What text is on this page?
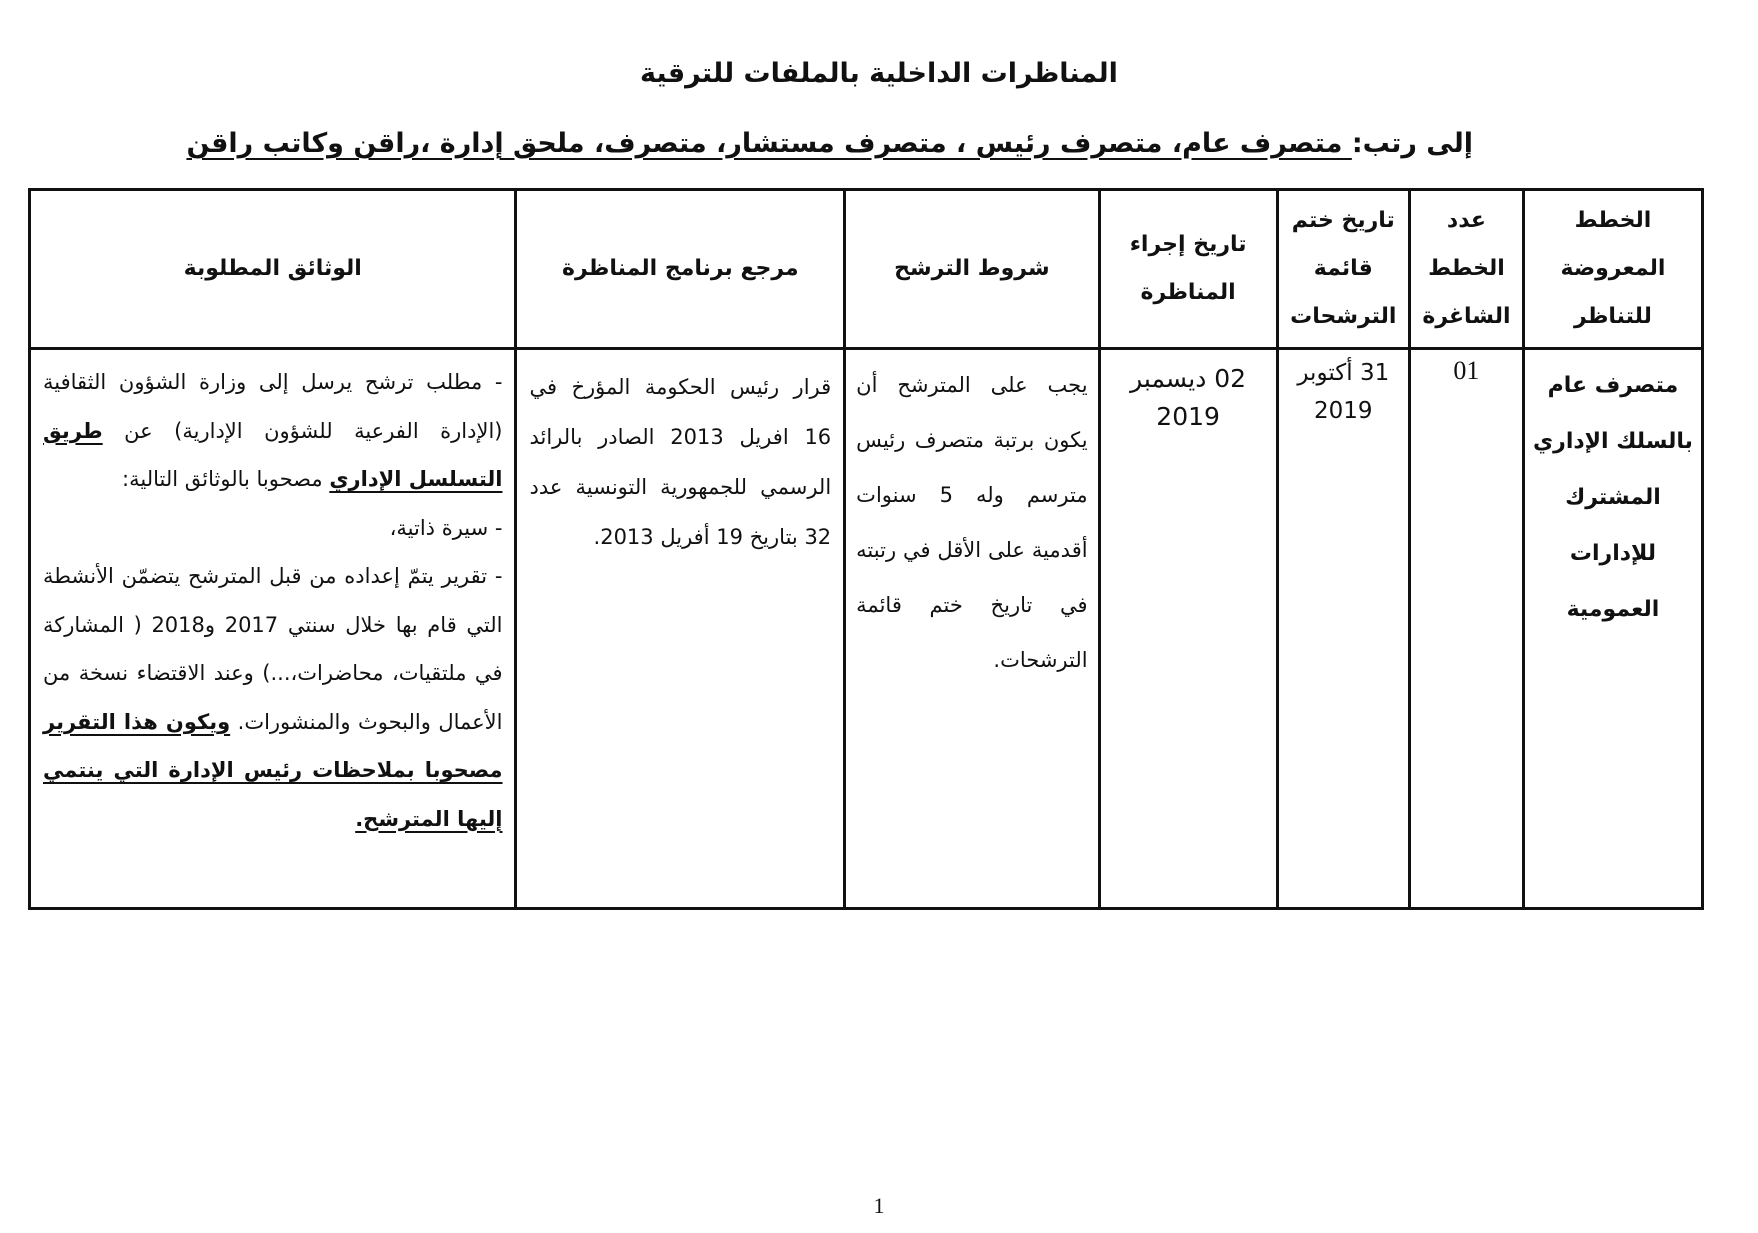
المناظرات الداخلية بالملفات للترقية
إلى رتب: متصرف عام، متصرف رئيس ، متصرف مستشار، متصرف، ملحق إدارة ،راقن وكاتب راقن
الخطط المعروضة للتناظر	عدد الخطط الشاغرة	تاريخ ختم قائمة الترشحات	تاريخ إجراء المناظرة	شروط الترشح	مرجع برنامج المناظرة	الوثائق المطلوبة
متصرف عام بالسلك الإداري المشترك للإدارات العمومية	01	31 أكتوبر 2019	02 ديسمبر 2019	يجب على المترشح أن يكون برتبة متصرف رئيس مترسم وله 5 سنوات أقدمية على الأقل في رتبته في تاريخ ختم قائمة الترشحات.	قرار رئيس الحكومة المؤرخ في 16 افريل 2013 الصادر بالرائد الرسمي للجمهورية التونسية عدد 32 بتاريخ 19 أفريل 2013.	- مطلب ترشح يرسل إلى وزارة الشؤون الثقافية (الإدارة الفرعية للشؤون الإدارية) عن طريق التسلسل الإداري مصحوبا بالوثائق التالية:

- سيرة ذاتية،

- تقرير يتمّ إعداده من قبل المترشح يتضمّن الأنشطة التي قام بها خلال سنتي 2017 و2018 ( المشاركة في ملتقيات، محاضرات،...) وعند الاقتضاء نسخة من الأعمال والبحوث والمنشورات. ويكون هذا التقرير مصحوبا بملاحظات رئيس الإدارة التي ينتمي إليها المترشح.

1
